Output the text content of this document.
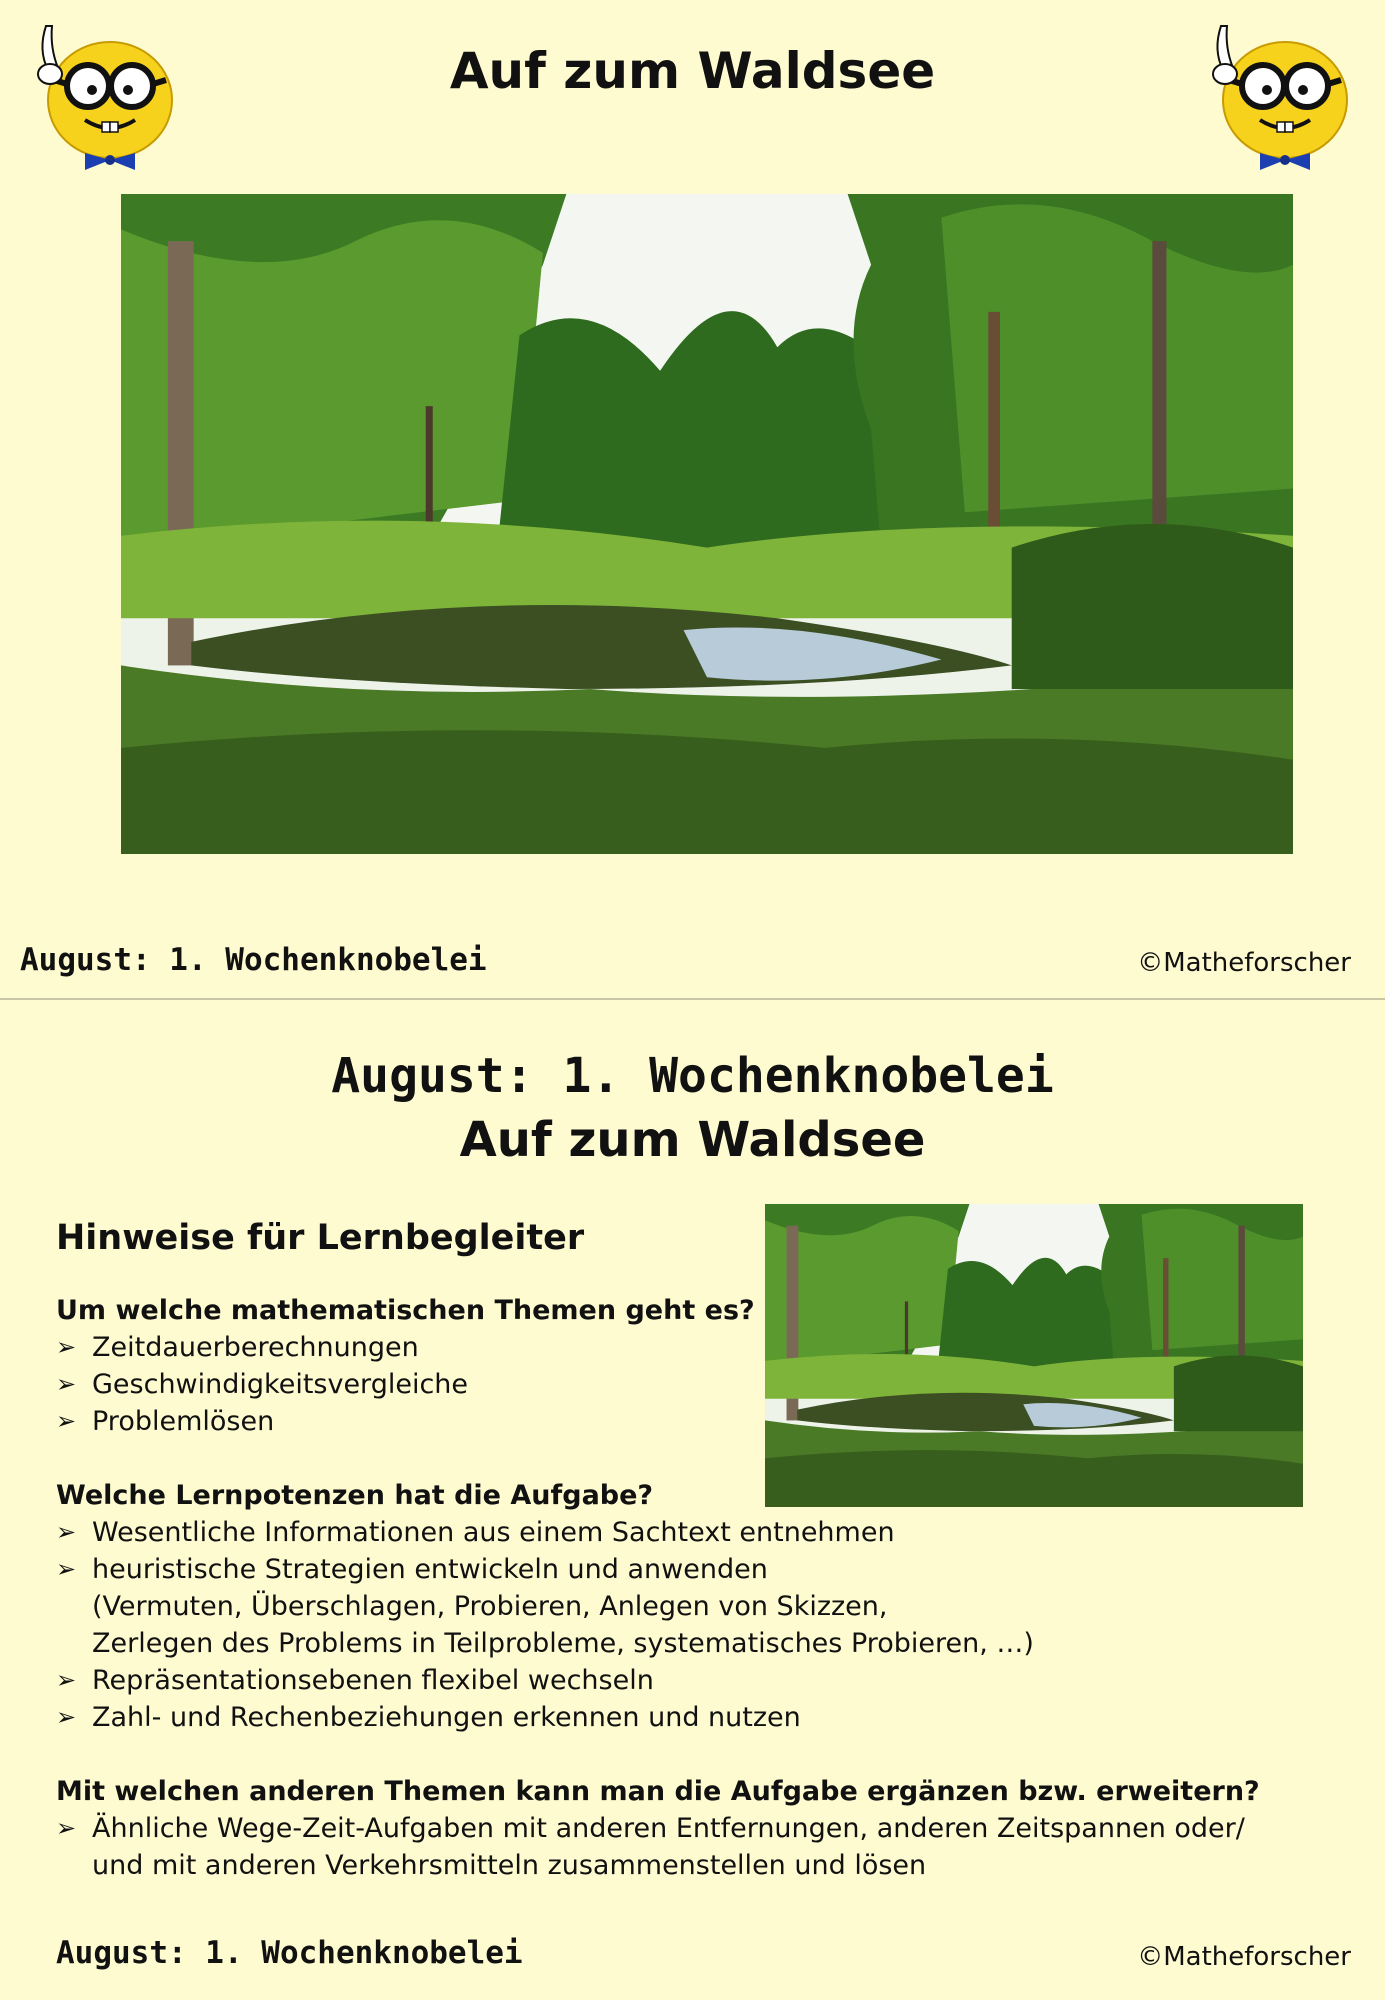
Auf zum Waldsee
August: 1. Wochenknobelei	©Matheforscher
August: 1. Wochenknobelei
Auf zum Waldsee
Hinweise für Lernbegleiter

Um welche mathematischen Themen geht es?

➢ Zeitdauerberechnungen
➢ Geschwindigkeitsvergleiche
➢ Problemlösen

Welche Lernpotenzen hat die Aufgabe?

➢ Wesentliche Informationen aus einem Sachtext entnehmen
➢ heuristische Strategien entwickeln und anwenden
(Vermuten, Überschlagen, Probieren, Anlegen von Skizzen,
Zerlegen des Problems in Teilprobleme, systematisches Probieren, …)
➢ Repräsentationsebenen flexibel wechseln
➢ Zahl- und Rechenbeziehungen erkennen und nutzen

Mit welchen anderen Themen kann man die Aufgabe ergänzen bzw. erweitern?

➢ Ähnliche Wege-Zeit-Aufgaben mit anderen Entfernungen, anderen Zeitspannen oder/
und mit anderen Verkehrsmitteln zusammenstellen und lösen
August: 1. Wochenknobelei	©Matheforscher
